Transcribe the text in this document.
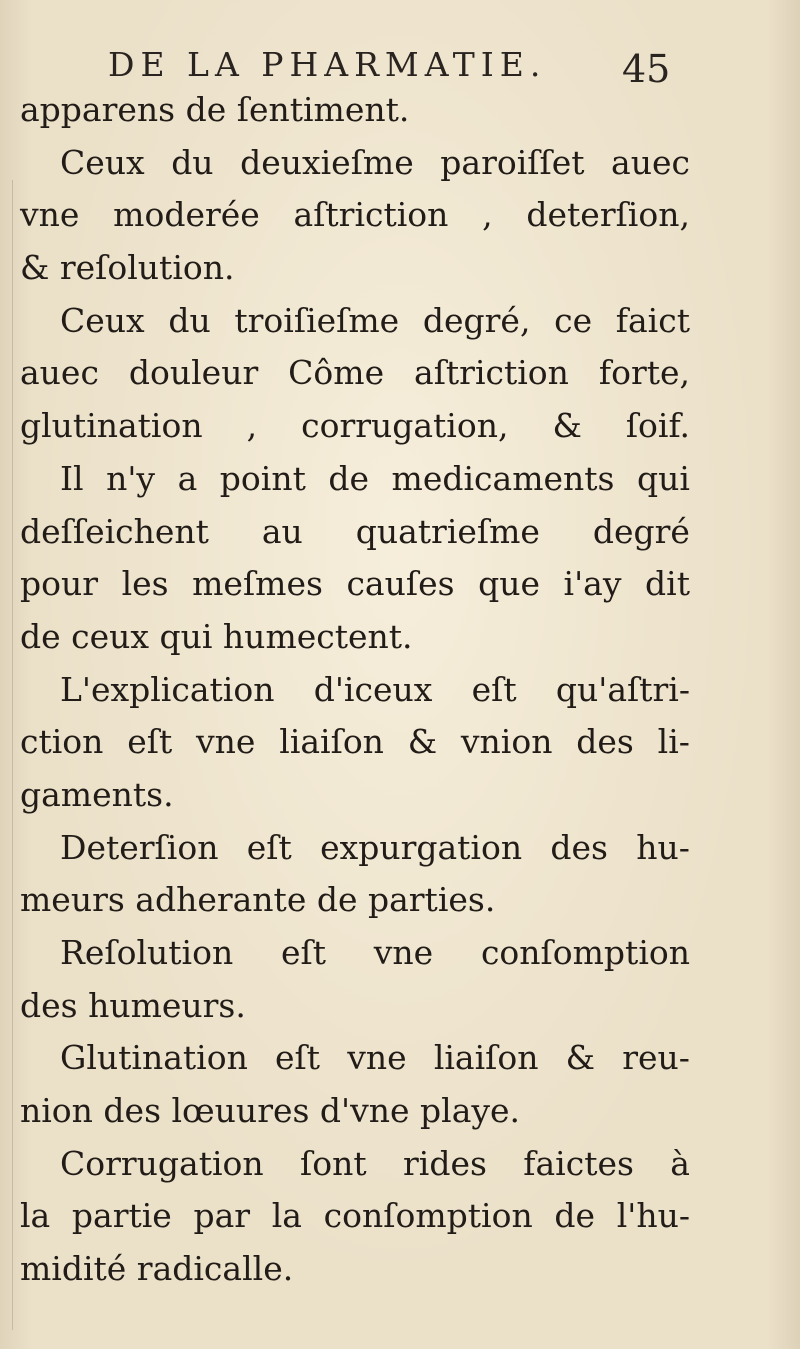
DE LA PHARMATIE.	45
apparens de ſentiment.
Ceux du deuxieſme paroiſſet auec
vne moderée aſtriction , deterſion,
& reſolution.
Ceux du troiſieſme degré, ce faict
auec douleur Côme aſtriction forte,
glutination , corrugation, & ſoif.
Il n'y a point de medicaments qui
deſſeichent au quatrieſme degré
pour les meſmes cauſes que i'ay dit
de ceux qui humectent.
L'explication d'iceux eſt qu'aſtri-
ction eſt vne liaiſon & vnion des li-
gaments.
Deterſion eſt expurgation des hu-
meurs adherante de parties.
Reſolution eſt vne conſomption
des humeurs.
Glutination eſt vne liaiſon & reu-
nion des lœuures d'vne playe.
Corrugation ſont rides faictes à
la partie par la conſomption de l'hu-
midité radicalle.
